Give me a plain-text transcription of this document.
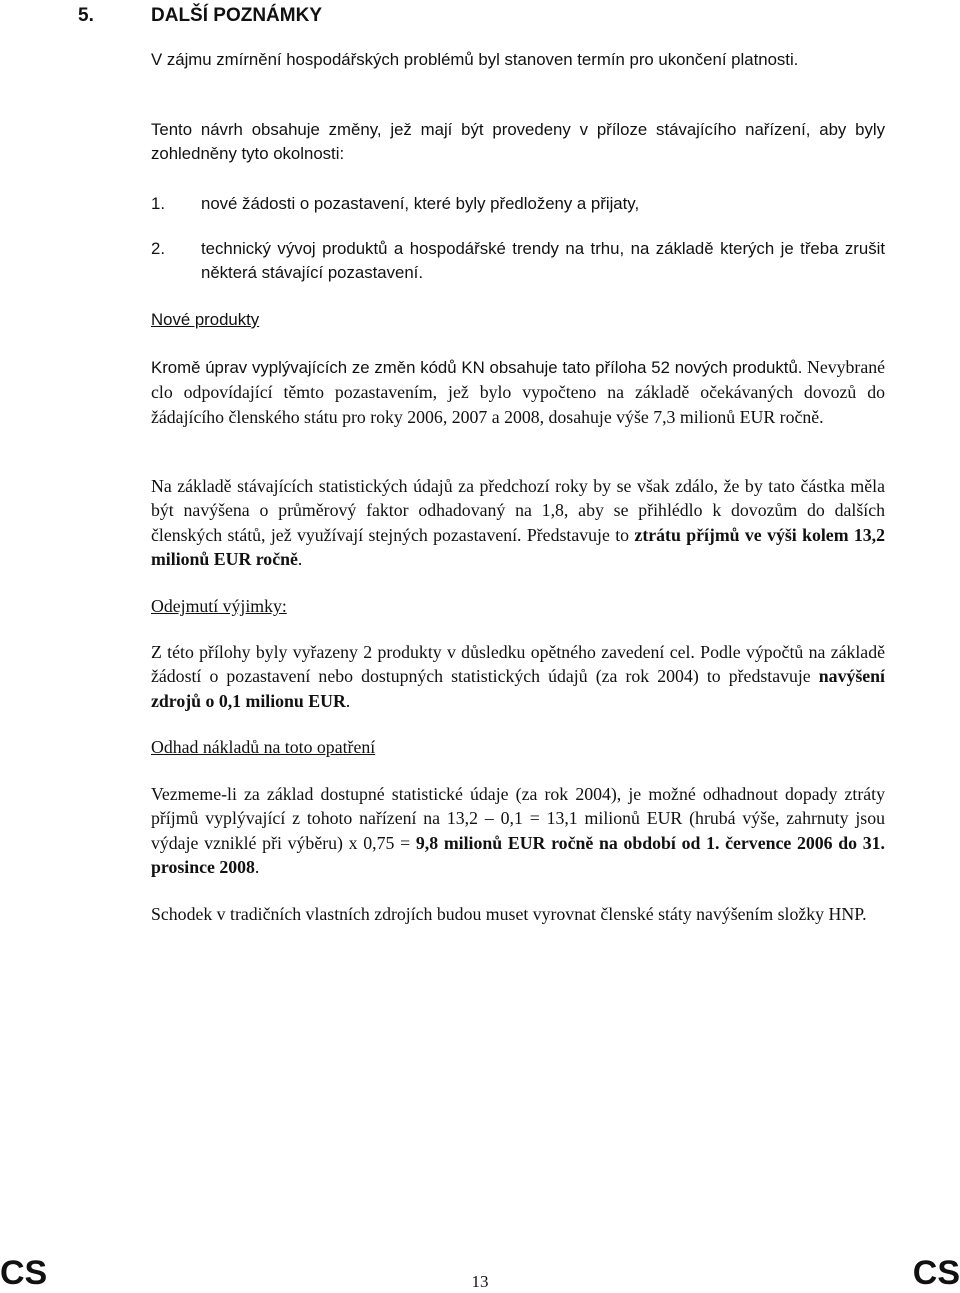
5.	DALŠÍ POZNÁMKY

V zájmu zmírnění hospodářských problémů byl stanoven termín pro ukončení platnosti.

Tento návrh obsahuje změny, jež mají být provedeny v příloze stávajícího nařízení, aby byly zohledněny tyto okolnosti:

1. nové žádosti o pozastavení, které byly předloženy a přijaty,
2. technický vývoj produktů a hospodářské trendy na trhu, na základě kterých je třeba zrušit některá stávající pozastavení.
Nové produkty

Kromě úprav vyplývajících ze změn kódů KN obsahuje tato příloha 52 nových produktů. Nevybrané clo odpovídající těmto pozastavením, jež bylo vypočteno na základě očekávaných dovozů do žádajícího členského státu pro roky 2006, 2007 a 2008, dosahuje výše 7,3 milionů EUR ročně.

Na základě stávajících statistických údajů za předchozí roky by se však zdálo, že by tato částka měla být navýšena o průměrový faktor odhadovaný na 1,8, aby se přihlédlo k dovozům do dalších členských států, jež využívají stejných pozastavení. Představuje to ztrátu příjmů ve výši kolem 13,2 milionů EUR ročně.

Odejmutí výjimky:

Z této přílohy byly vyřazeny 2 produkty v důsledku opětného zavedení cel. Podle výpočtů na základě žádostí o pozastavení nebo dostupných statistických údajů (za rok 2004) to představuje navýšení zdrojů o 0,1 milionu EUR.

Odhad nákladů na toto opatření

Vezmeme-li za základ dostupné statistické údaje (za rok 2004), je možné odhadnout dopady ztráty příjmů vyplývající z tohoto nařízení na 13,2 – 0,1 = 13,1 milionů EUR (hrubá výše, zahrnuty jsou výdaje vzniklé při výběru) x 0,75 = 9,8 milionů EUR ročně na období od 1. července 2006 do 31. prosince 2008.

Schodek v tradičních vlastních zdrojích budou muset vyrovnat členské státy navýšením složky HNP.

CS	13	CS
